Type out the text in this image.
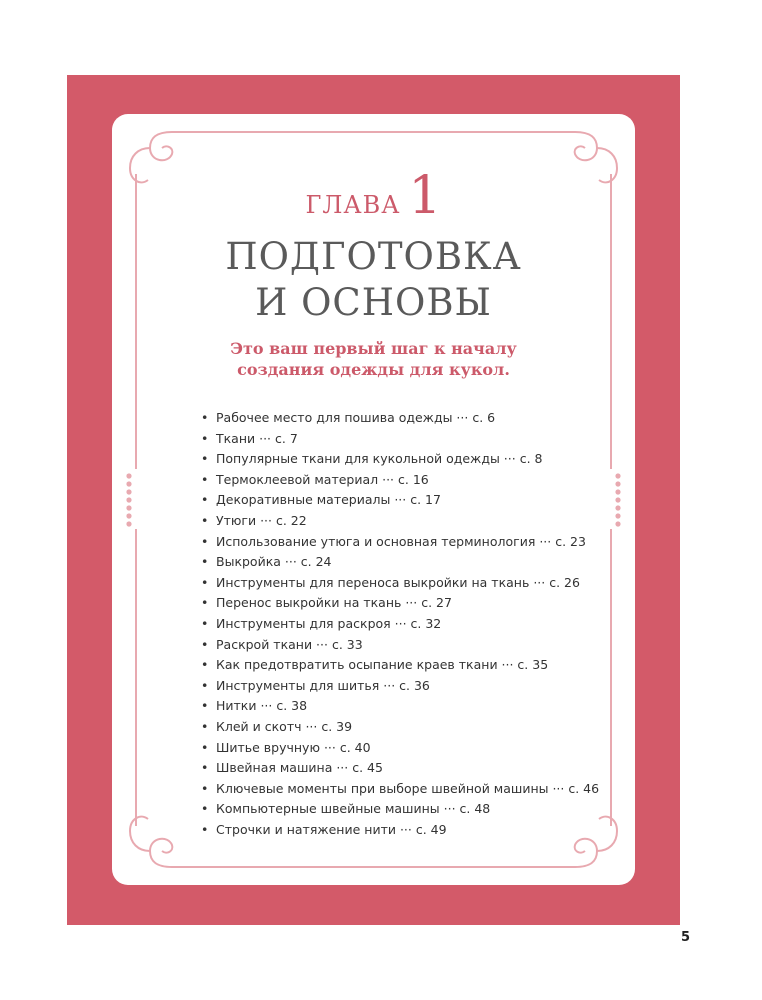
ГЛАВА 1
ПОДГОТОВКА
И ОСНОВЫ
Это ваш первый шаг к началу
создания одежды для кукол.
• Рабочее место для пошива одежды ··· с. 6
• Ткани ··· с. 7
• Популярные ткани для кукольной одежды ··· с. 8
• Термоклеевой материал ··· с. 16
• Декоративные материалы ··· с. 17
• Утюги ··· с. 22
• Использование утюга и основная терминология ··· с. 23
• Выкройка ··· с. 24
• Инструменты для переноса выкройки на ткань ··· с. 26
• Перенос выкройки на ткань ··· с. 27
• Инструменты для раскроя ··· с. 32
• Раскрой ткани ··· с. 33
• Как предотвратить осыпание краев ткани ··· с. 35
• Инструменты для шитья ··· с. 36
• Нитки ··· с. 38
• Клей и скотч ··· с. 39
• Шитье вручную ··· с. 40
• Швейная машина ··· с. 45
• Ключевые моменты при выборе швейной машины ··· с. 46
• Компьютерные швейные машины ··· с. 48
• Строчки и натяжение нити ··· с. 49
5
